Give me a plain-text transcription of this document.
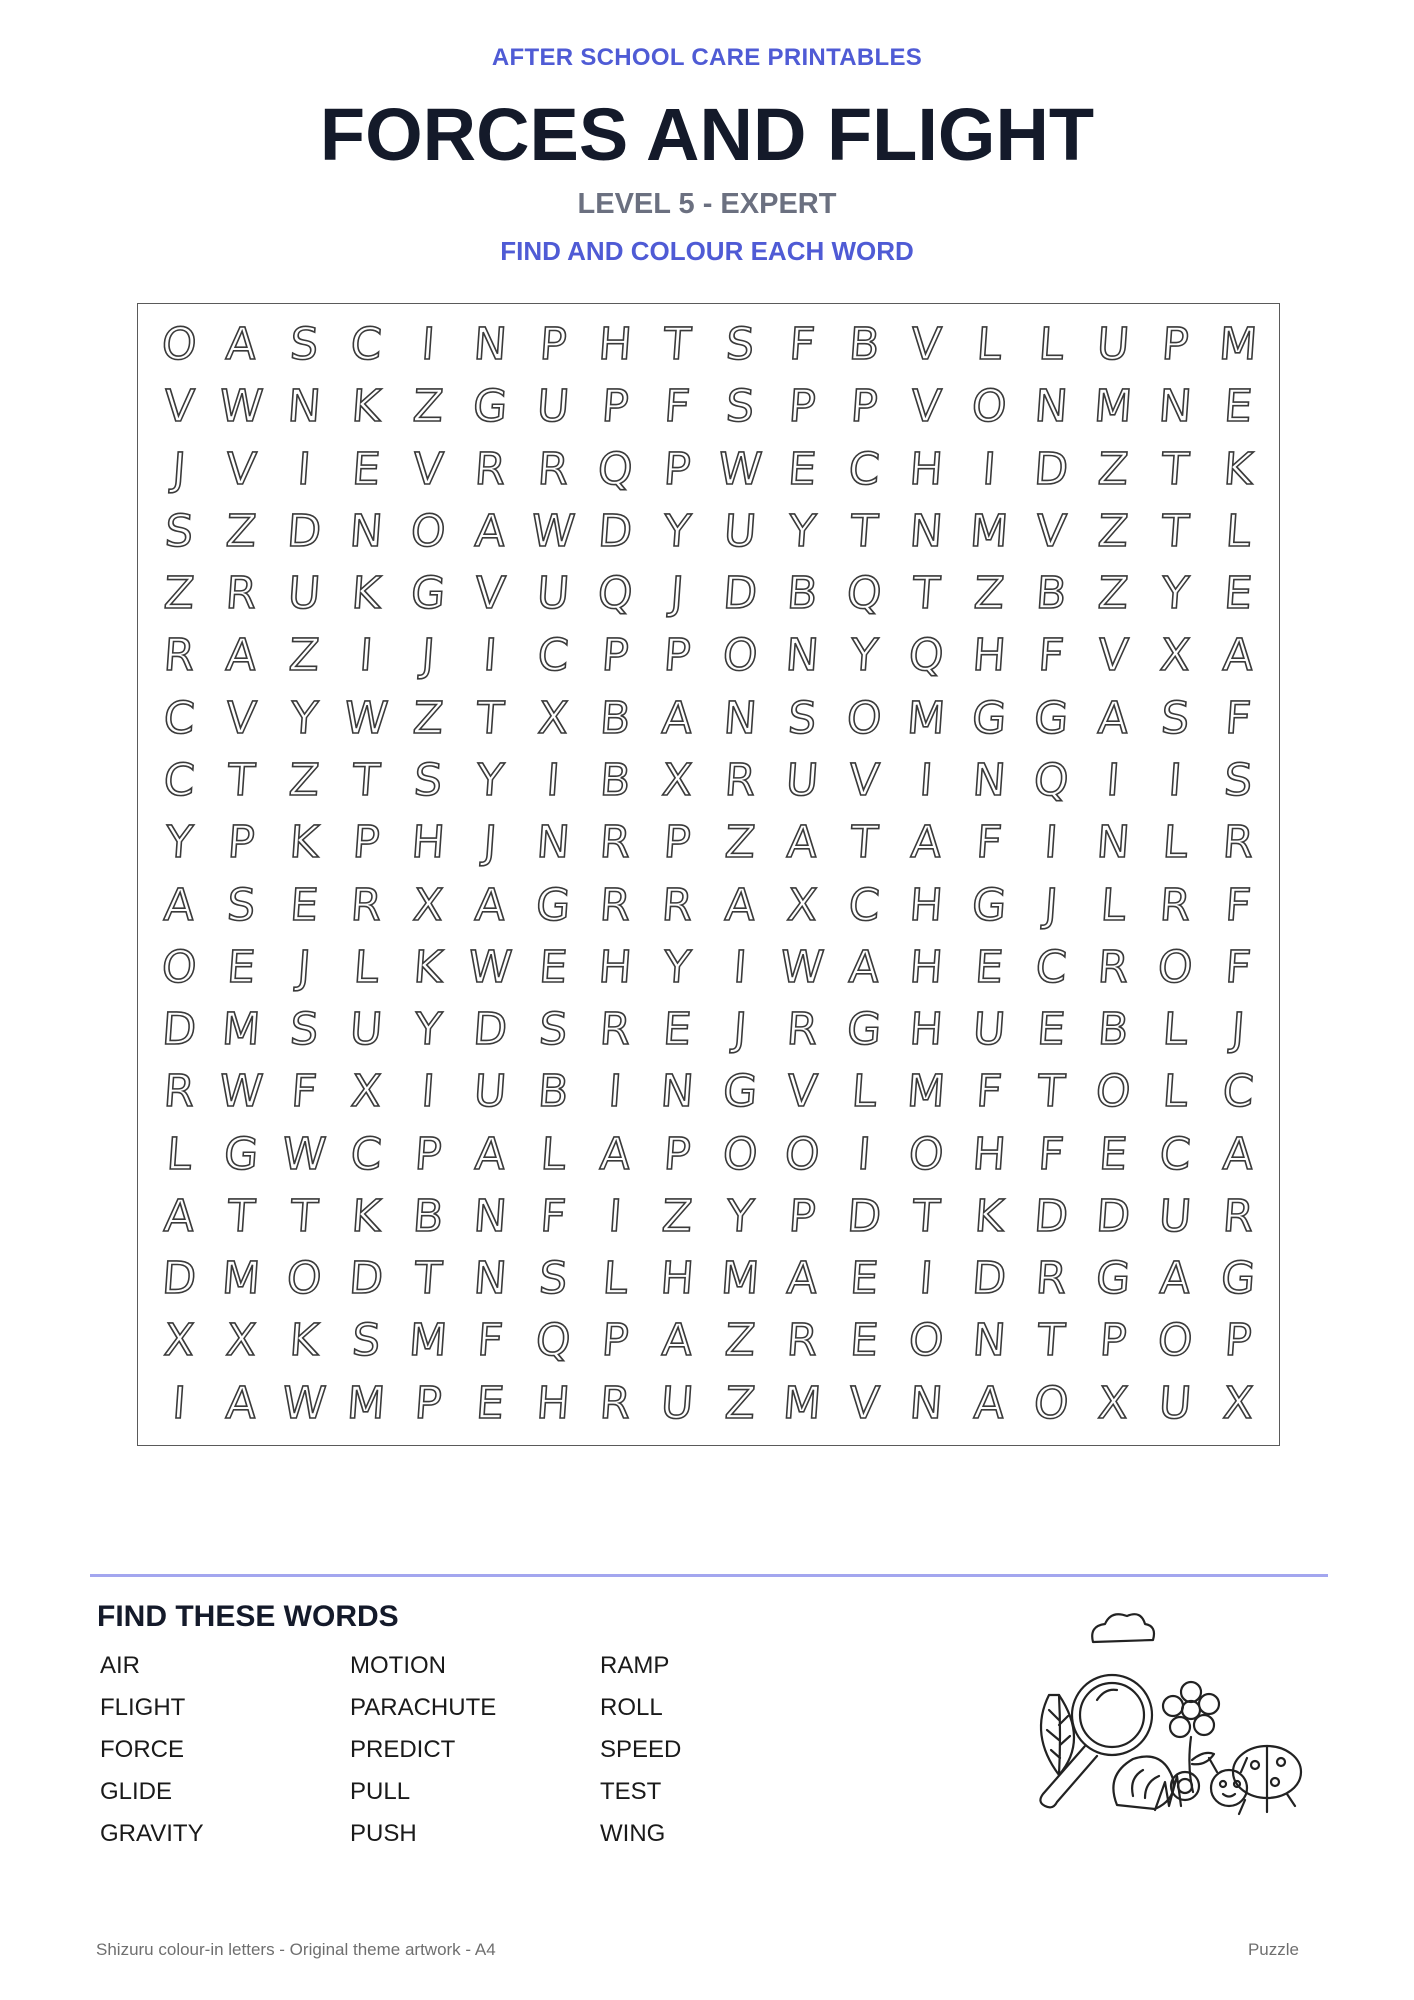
AFTER SCHOOL CARE PRINTABLES
FORCES AND FLIGHT
LEVEL 5 - EXPERT
FIND AND COLOUR EACH WORD
O A S C I N P H T S F B V L L U P M
V W N K Z G U P F S P P V O N M N E
J V I E V R R Q P W E C H I D Z T K
S Z D N O A W D Y U Y T N M V Z T L
Z R U K G V U Q J D B Q T Z B Z Y E
R A Z I	J	I C P P O N Y Q H F V X A
C V Y W Z T X B A N S O M G G A S F
C T Z T S Y I B X R U V I N Q I	I S
Y P K P H J N R P Z A T A F I N L R
A S E R X A G R R A X C H G J L R F
O E J L K W E H Y I W A H E C R O F
D M S U Y D S R E J R G H U E B L J
R W F X I U B I N G V L M F T O L C
L G W C P A L A P O O I O H F E C A
A T T K B N F I Z Y P D T K D D U R
D M O D T N S L H M A E I D R G A G
X X K S M F Q P A Z R E O N T P O P
I A W M P E H R U Z M V N A O X U X
FIND THESE WORDS
AIR
FLIGHT
FORCE
GLIDE
GRAVITY
MOTION
PARACHUTE
PREDICT
PULL
PUSH
RAMP
ROLL
SPEED
TEST
WING
Shizuru colour-in letters - Original theme artwork - A4	Puzzle
